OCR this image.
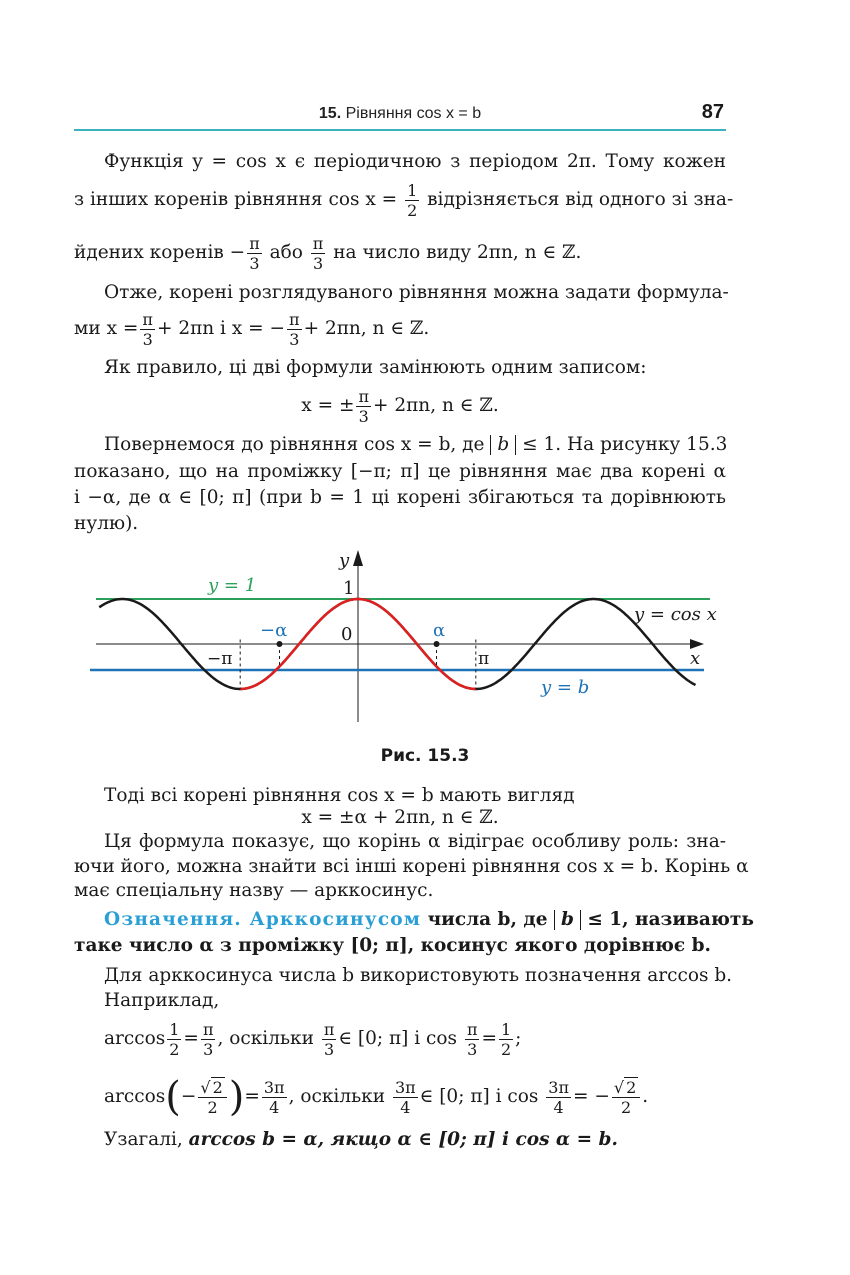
15. Рівняння cos x = b	87
Функція y = cos x є періодичною з періодом 2π. Тому кожен
з інших коренів рівняння $\cos x = \frac{1}{2}$ відрізняється від одного зі зна-
йдених коренів − $\frac{\pi}{3}$ або $\frac{\pi}{3}$ на число виду 2πn, n ∈ ℤ.
Отже, корені розглядуваного рівняння можна задати формула-
ми $x = \frac{\pi}{3} + 2\pi n$ і x = − $\frac{\pi}{3} + 2\pi n$, n ∈ ℤ.
Як правило, ці дві формули замінюють одним записом:
x = ± $\frac{\pi}{3} + 2\pi n$, n ∈ ℤ.
Повернемося до рівняння cos x = b, де b ≤ 1. На рисунку 15.3
показано, що на проміжку [−π; π] це рівняння має два корені α
і −α, де α ∈ [0; π] (при b = 1 ці корені збігаються та дорівнюють
нулю).
y
x
y = 1	1
0
y = cos x
y = b
−α	α
−π	π
Рис. 15.3
Тоді всі корені рівняння cos x = b мають вигляд
x = ±α + 2πn, n ∈ ℤ.
Ця формула показує, що корінь α відіграє особливу роль: зна-
ючи його, можна знайти всі інші корені рівняння cos x = b. Корінь α
має спеціальну назву — арккосинус.
Означення. Арккосинусом числа b, де b ≤ 1, називають
таке число α з проміжку [0; π], косинус якого дорівнює b.
Для арккосинуса числа b використовують позначення arccos b.
Наприклад,
$\arccos \frac{1}{2} = \frac{\pi}{3}$ , оскільки $\frac{\pi}{3}$ ∈ [0; π] і $\cos \frac{\pi}{3} = \frac{1}{2}$ ;
$\arccos(- \frac{√ 2}{2}$ )= $\frac{3\pi}{4}$ , оскільки $\frac{3\pi}{4}$ ∈ [0; π] і $\cos \frac{3\pi}{4}$ = − $\frac{√ 2}{2}$ .
Узагалі, arccos b = α, якщо α ∈ [0; π] і cos α = b.
